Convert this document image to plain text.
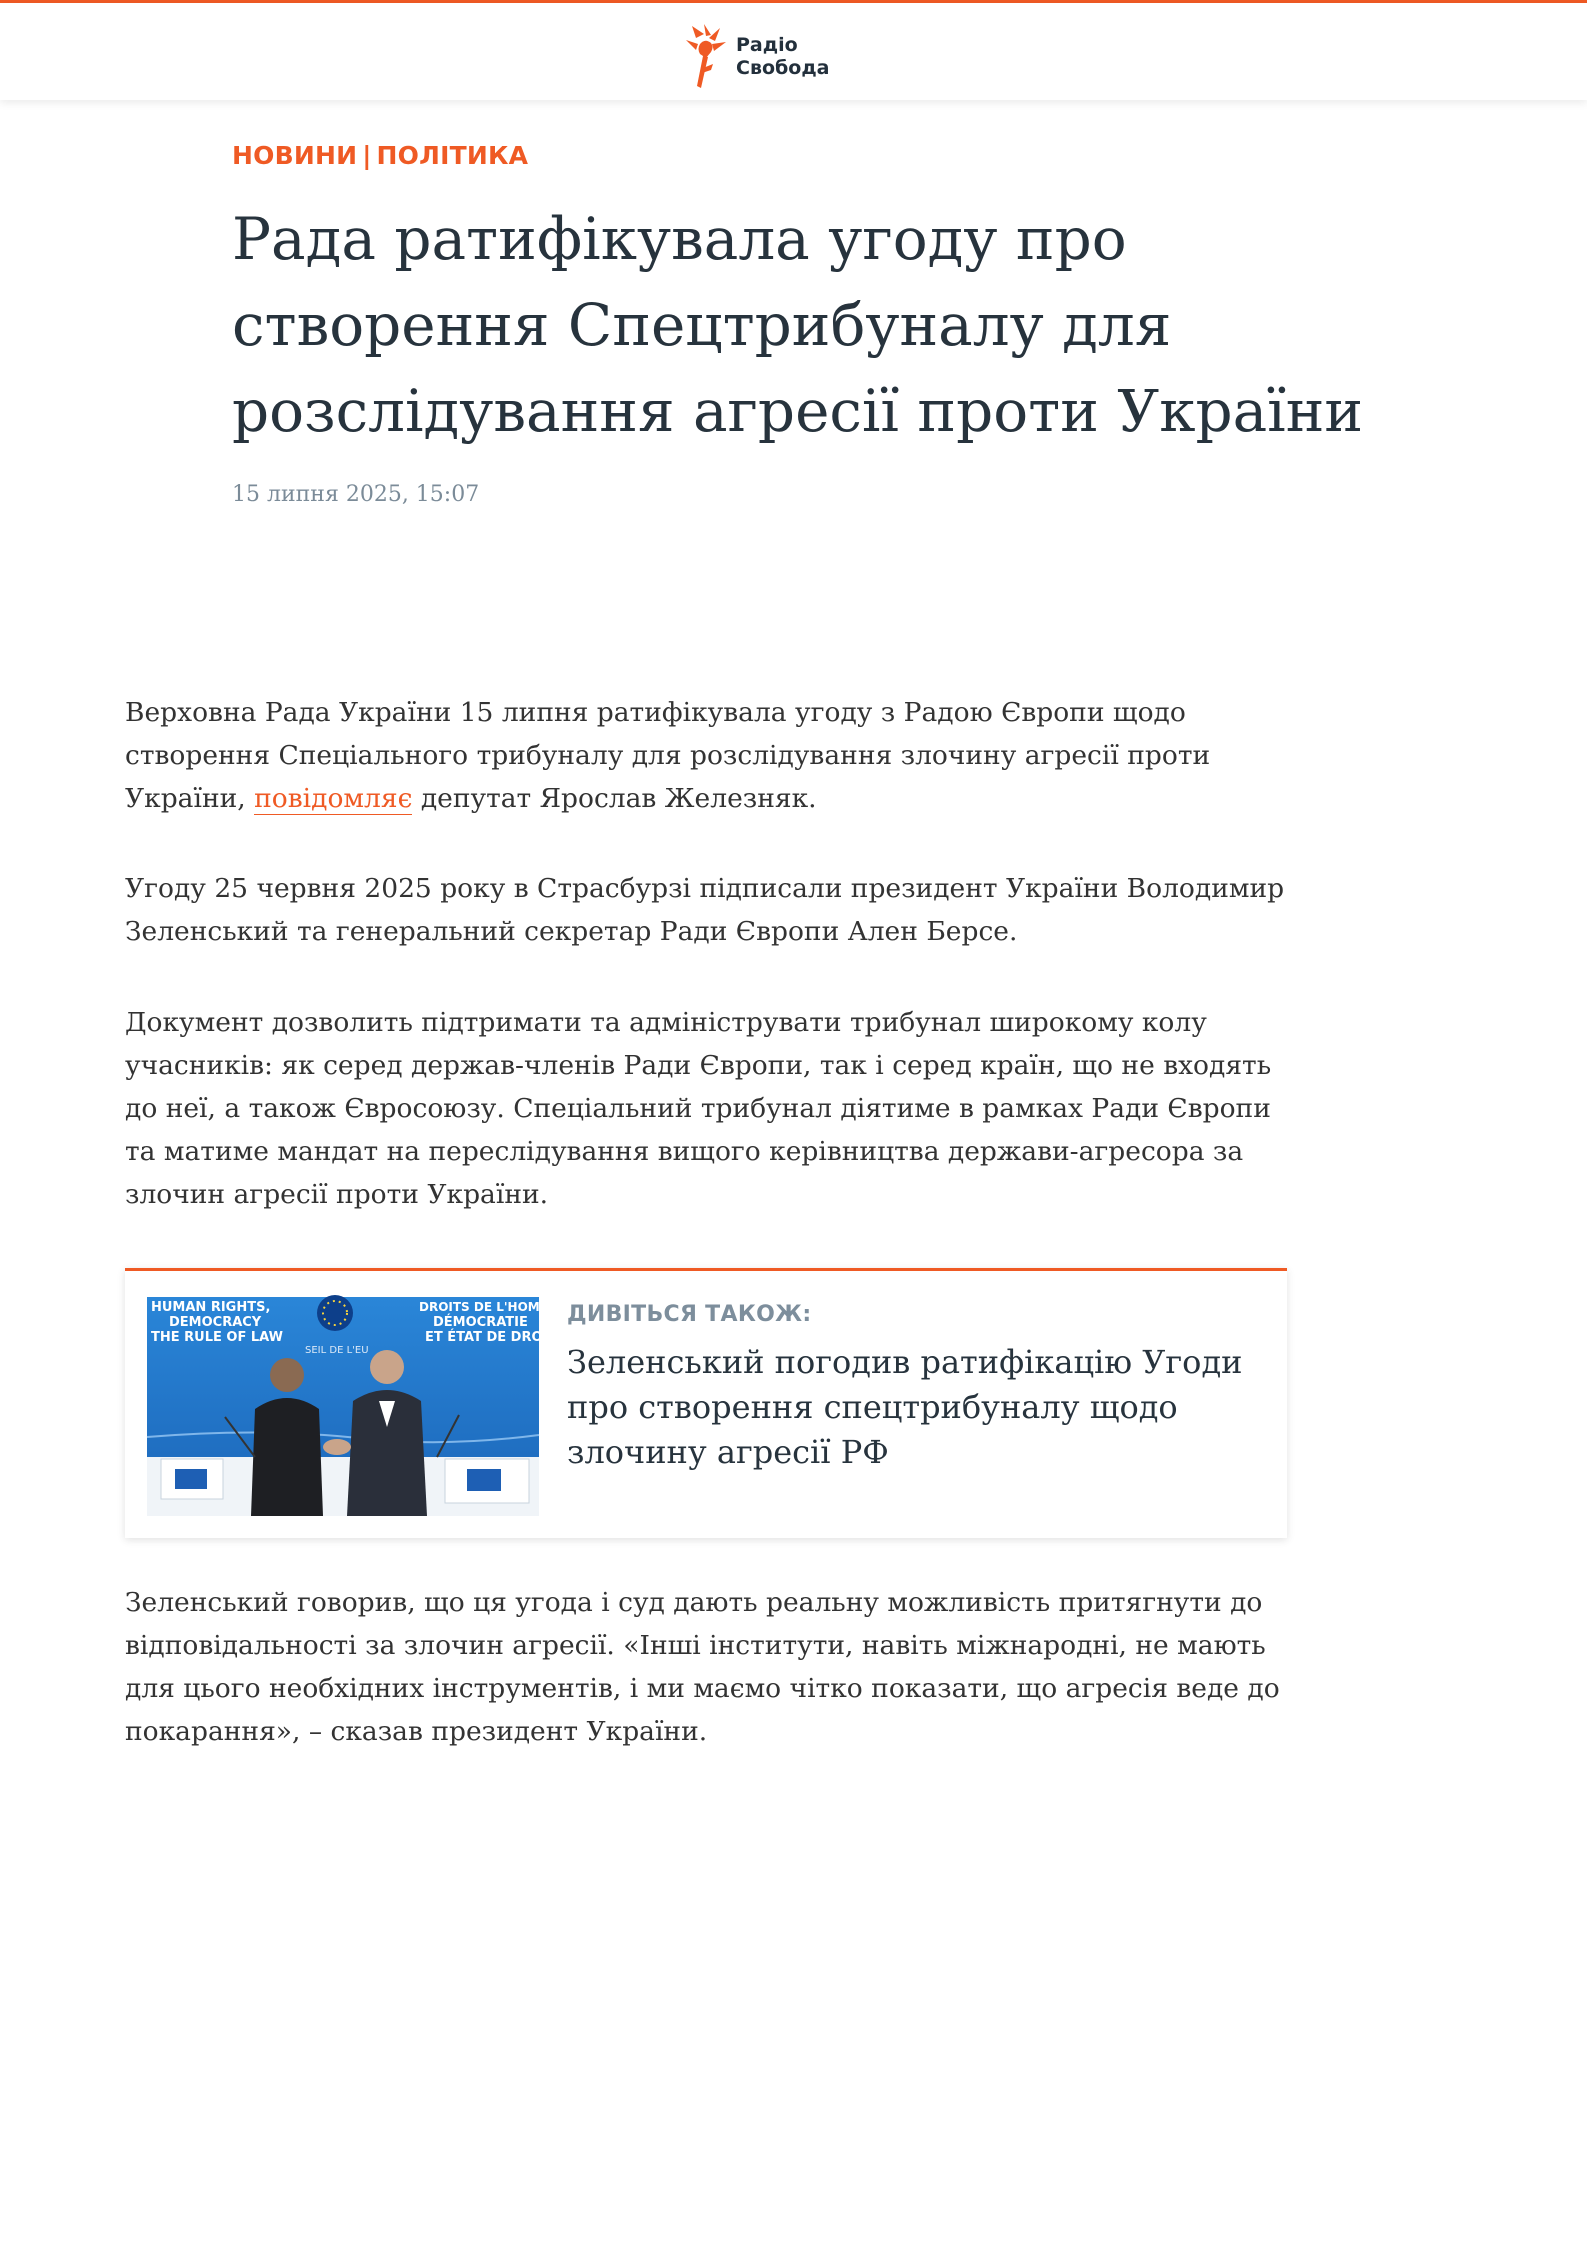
Радіо
Свобода
НОВИНИ | ПОЛІТИКА
Рада ратифікувала угоду про створення Спецтрибуналу для розслідування агресії проти України
15 липня 2025, 15:07

Верховна Рада України 15 липня ратифікувала угоду з Радою Європи щодо створення Спеціального трибуналу для розслідування злочину агресії проти України, повідомляє депутат Ярослав Железняк.

Угоду 25 червня 2025 року в Страсбурзі підписали президент України Володимир Зеленський та генеральний секретар Ради Європи Ален Берсе.

Документ дозволить підтримати та адмініструвати трибунал широкому колу учасників: як серед держав-членів Ради Європи, так і серед країн, що не входять до неї, а також Євросоюзу. Спеціальний трибунал діятиме в рамках Ради Європи та матиме мандат на переслідування вищого керівництва держави-агресора за злочин агресії проти України.

HUMAN RIGHTS,
DEMOCRACY
THE RULE OF LAW
DROITS DE L'HOMME,
DÉMOCRATIE
ET ÉTAT DE DROIT
SEIL DE L'EU
ДИВІТЬСЯ ТАКОЖ:
Зеленський погодив ратифікацію Угоди про створення спецтрибуналу щодо злочину агресії РФ

Зеленський говорив, що ця угода і суд дають реальну можливість притягнути до відповідальності за злочин агресії. «Інші інститути, навіть міжнародні, не мають для цього необхідних інструментів, і ми маємо чітко показати, що агресія веде до покарання», – сказав президент України.
